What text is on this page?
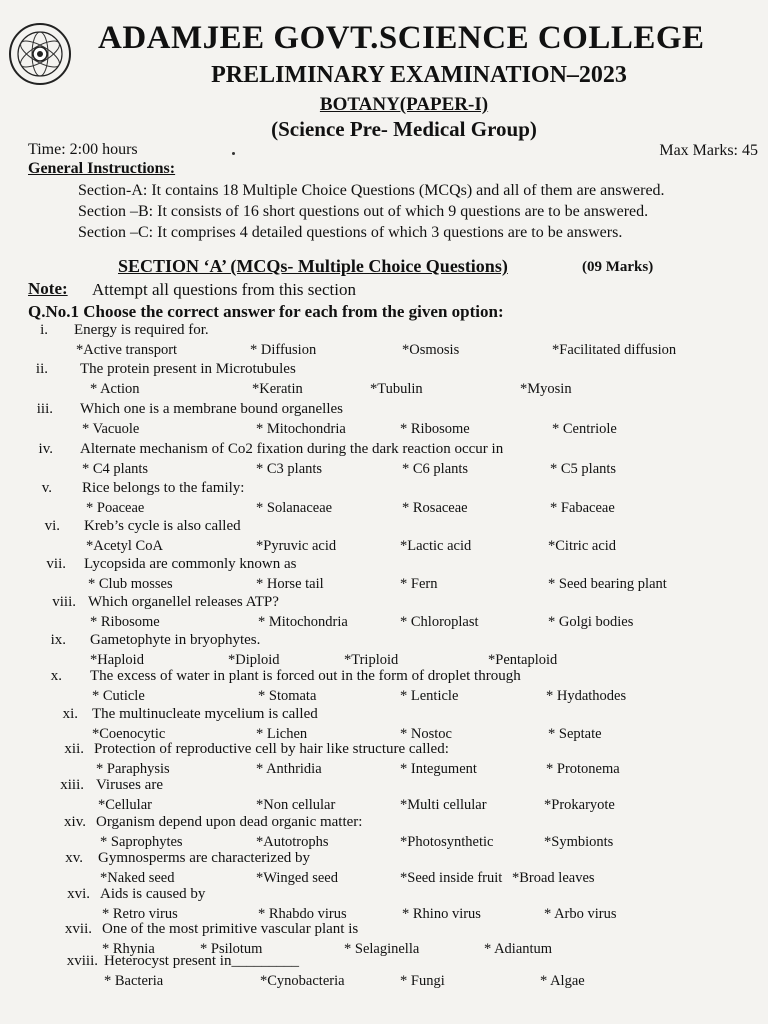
ADAMJEE GOVT.SCIENCE COLLEGE
PRELIMINARY EXAMINATION–2023
BOTANY(PAPER-I)
(Science Pre- Medical Group)
Time: 2:00 hours	Max Marks: 45
General Instructions:
Section-A: It contains 18 Multiple Choice Questions (MCQs) and all of them are answered.
Section –B: It consists of 16 short questions out of which 9 questions are to be answered.
Section –C: It comprises 4 detailed questions of which 3 questions are to be answers.
SECTION ‘A’ (MCQs- Multiple Choice Questions)	(09 Marks)
Note: Attempt all questions from this section
Q.No.1 Choose the correct answer for each from the given option:
i. Energy is required for.
*Active transport	* Diffusion	*Osmosis	*Facilitated diffusion
ii. The protein present in Microtubules
* Action	*Keratin	*Tubulin	*Myosin
iii. Which one is a membrane bound organelles
* Vacuole	* Mitochondria	* Ribosome	* Centriole
iv. Alternate mechanism of Co2 fixation during the dark reaction occur in
* C4 plants	* C3 plants	* C6 plants	* C5 plants
v. Rice belongs to the family:
* Poaceae	* Solanaceae	* Rosaceae	* Fabaceae
vi. Kreb’s cycle is also called
*Acetyl CoA	*Pyruvic acid	*Lactic acid	*Citric acid
vii. Lycopsida are commonly known as
* Club mosses	* Horse tail	* Fern	* Seed bearing plant
viii. Which organellel releases ATP?
* Ribosome	* Mitochondria	* Chloroplast	* Golgi bodies
ix. Gametophyte in bryophytes.
*Haploid	*Diploid	*Triploid	*Pentaploid
x. The excess of water in plant is forced out in the form of droplet through
* Cuticle	* Stomata	* Lenticle	* Hydathodes
xi. The multinucleate mycelium is called
*Coenocytic	* Lichen	* Nostoc	* Septate
xii. Protection of reproductive cell by hair like structure called:
* Paraphysis	* Anthridia	* Integument	* Protonema
xiii. Viruses are
*Cellular	*Non cellular	*Multi cellular	*Prokaryote
xiv. Organism depend upon dead organic matter:
* Saprophytes	*Autotrophs	*Photosynthetic	*Symbionts
xv. Gymnosperms are characterized by
*Naked seed	*Winged seed	*Seed inside fruit *Broad leaves
xvi. Aids is caused by
* Retro virus	* Rhabdo virus	* Rhino virus	* Arbo virus
xvii. One of the most primitive vascular plant is
* Rhynia	* Psilotum	* Selaginella	* Adiantum
xviii. Heterocyst present in_________
* Bacteria	*Cynobacteria	* Fungi	* Algae
